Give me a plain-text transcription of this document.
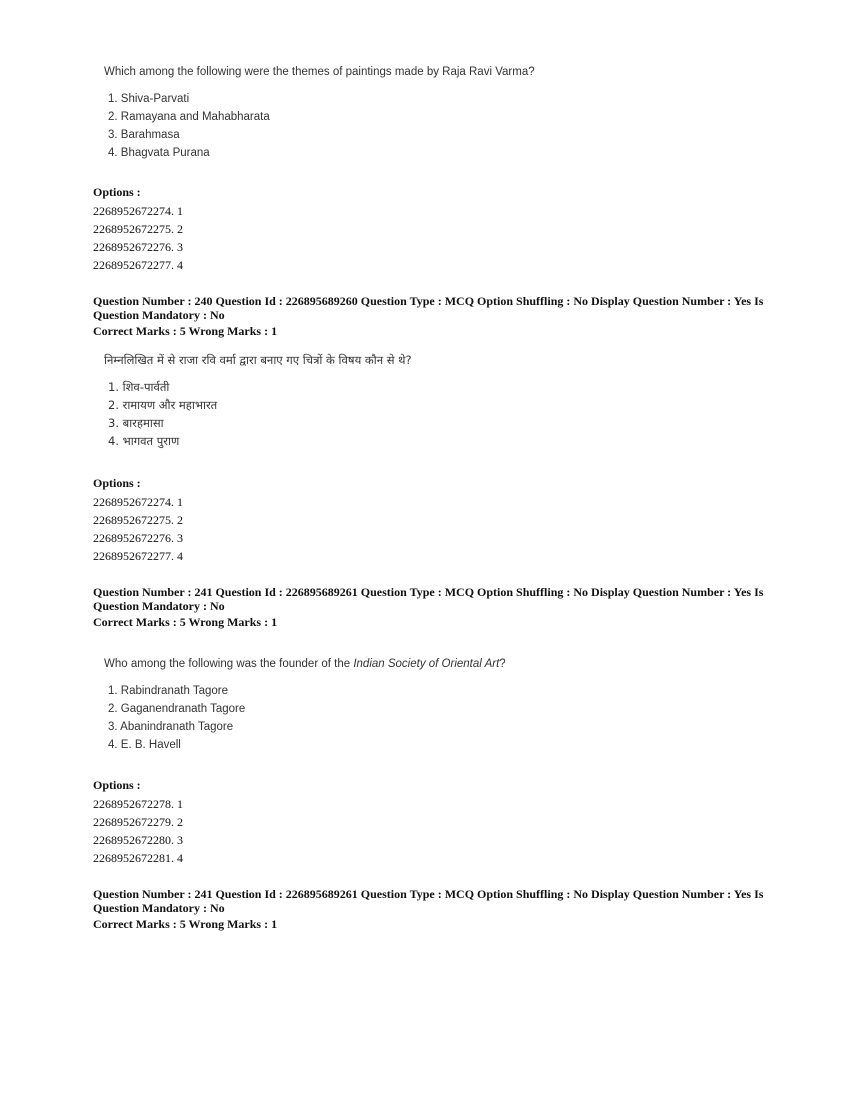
Which among the following were the themes of paintings made by Raja Ravi Varma?

1. Shiva-Parvati
2. Ramayana and Mahabharata
3. Barahmasa
4. Bhagvata Purana

Options :

2268952672274. 1
2268952672275. 2
2268952672276. 3
2268952672277. 4

Question Number : 240 Question Id : 226895689260 Question Type : MCQ Option Shuffling : No Display Question Number : Yes Is Question Mandatory : No

Correct Marks : 5 Wrong Marks : 1

निम्नलिखित में से राजा रवि वर्मा द्वारा बनाए गए चित्रों के विषय कौन से थे?

1. शिव-पार्वती
2. रामायण और महाभारत
3. बारहमासा
4. भागवत पुराण

Options :

2268952672274. 1
2268952672275. 2
2268952672276. 3
2268952672277. 4

Question Number : 241 Question Id : 226895689261 Question Type : MCQ Option Shuffling : No Display Question Number : Yes Is Question Mandatory : No

Correct Marks : 5 Wrong Marks : 1

Who among the following was the founder of the Indian Society of Oriental Art?

1. Rabindranath Tagore
2. Gaganendranath Tagore
3. Abanindranath Tagore
4. E. B. Havell

Options :

2268952672278. 1
2268952672279. 2
2268952672280. 3
2268952672281. 4

Question Number : 241 Question Id : 226895689261 Question Type : MCQ Option Shuffling : No Display Question Number : Yes Is Question Mandatory : No

Correct Marks : 5 Wrong Marks : 1
